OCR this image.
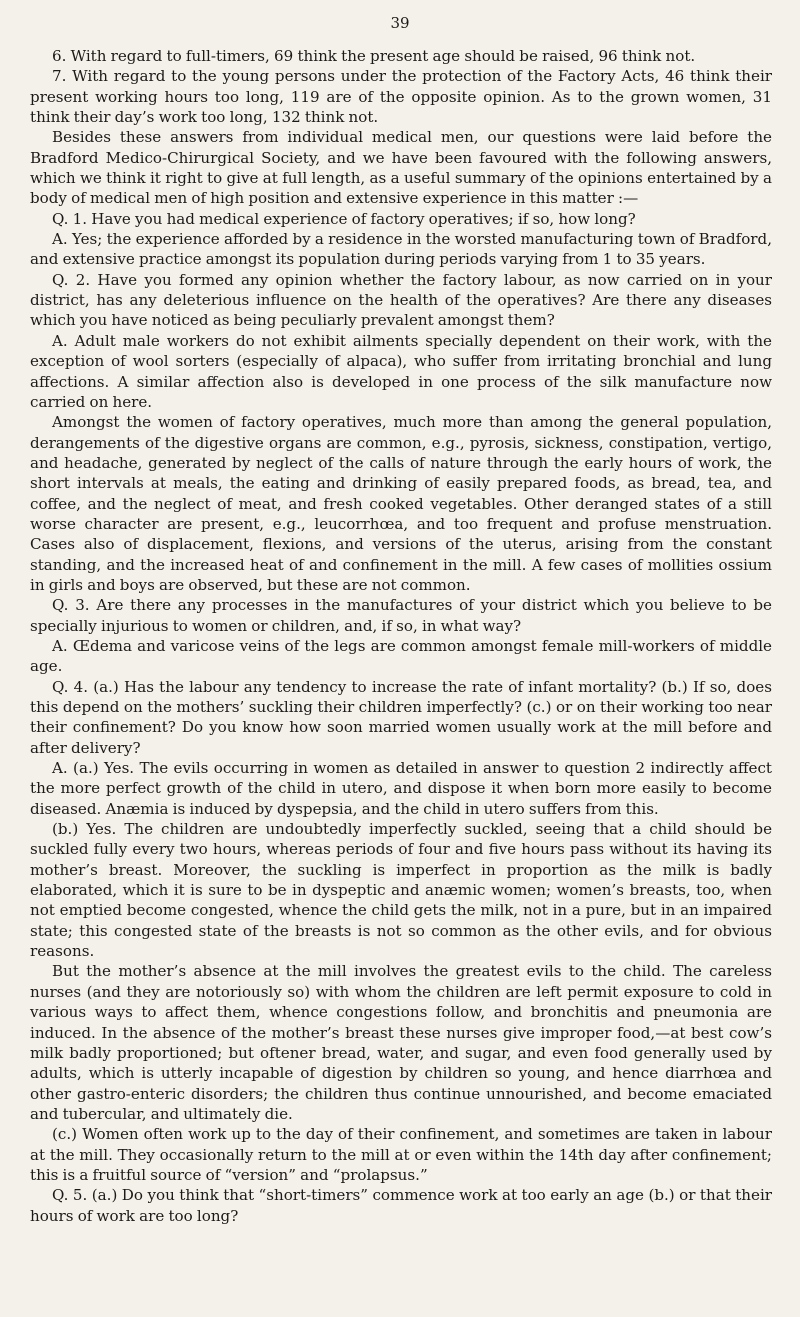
39

6. With regard to full-timers, 69 think the present age should be raised, 96 think not.

7. With regard to the young persons under the protection of the Factory Acts, 46 think their present working hours too long, 119 are of the opposite opinion. As to the grown women, 31 think their day’s work too long, 132 think not.

Besides these answers from individual medical men, our questions were laid before the Bradford Medico-Chirurgical Society, and we have been favoured with the following answers, which we think it right to give at full length, as a useful summary of the opinions entertained by a body of medical men of high position and extensive experience in this matter :—

Q. 1. Have you had medical experience of factory operatives; if so, how long?

A. Yes; the experience afforded by a residence in the worsted manufacturing town of Bradford, and extensive practice amongst its population during periods varying from 1 to 35 years.

Q. 2. Have you formed any opinion whether the factory labour, as now carried on in your district, has any deleterious influence on the health of the operatives? Are there any diseases which you have noticed as being peculiarly prevalent amongst them?

A. Adult male workers do not exhibit ailments specially dependent on their work, with the exception of wool sorters (especially of alpaca), who suffer from irritating bronchial and lung affections. A similar affection also is developed in one process of the silk manufacture now carried on here.

Amongst the women of factory operatives, much more than among the general population, derangements of the digestive organs are common, e.g., pyrosis, sickness, constipation, vertigo, and headache, generated by neglect of the calls of nature through the early hours of work, the short intervals at meals, the eating and drinking of easily prepared foods, as bread, tea, and coffee, and the neglect of meat, and fresh cooked vegetables. Other deranged states of a still worse character are present, e.g., leucorrhœa, and too frequent and profuse menstruation. Cases also of displacement, flexions, and versions of the uterus, arising from the constant standing, and the increased heat of and confinement in the mill. A few cases of mollities ossium in girls and boys are observed, but these are not common.

Q. 3. Are there any processes in the manufactures of your district which you believe to be specially injurious to women or children, and, if so, in what way?

A. Œdema and varicose veins of the legs are common amongst female mill-workers of middle age.

Q. 4. (a.) Has the labour any tendency to increase the rate of infant mortality? (b.) If so, does this depend on the mothers’ suckling their children imperfectly? (c.) or on their working too near their confinement? Do you know how soon married women usually work at the mill before and after delivery?

A. (a.) Yes. The evils occurring in women as detailed in answer to question 2 indirectly affect the more perfect growth of the child in utero, and dispose it when born more easily to become diseased. Anæmia is induced by dyspepsia, and the child in utero suffers from this.

(b.) Yes. The children are undoubtedly imperfectly suckled, seeing that a child should be suckled fully every two hours, whereas periods of four and five hours pass without its having its mother’s breast. Moreover, the suckling is imperfect in proportion as the milk is badly elaborated, which it is sure to be in dyspeptic and anæmic women; women’s breasts, too, when not emptied become congested, whence the child gets the milk, not in a pure, but in an impaired state; this congested state of the breasts is not so common as the other evils, and for obvious reasons.

But the mother’s absence at the mill involves the greatest evils to the child. The careless nurses (and they are notoriously so) with whom the children are left permit exposure to cold in various ways to affect them, whence congestions follow, and bronchitis and pneumonia are induced. In the absence of the mother’s breast these nurses give improper food,—at best cow’s milk badly proportioned; but oftener bread, water, and sugar, and even food generally used by adults, which is utterly incapable of digestion by children so young, and hence diarrhœa and other gastro-enteric disorders; the children thus continue unnourished, and become emaciated and tubercular, and ultimately die.

(c.) Women often work up to the day of their confinement, and sometimes are taken in labour at the mill. They occasionally return to the mill at or even within the 14th day after confinement; this is a fruitful source of “version” and “prolapsus.”

Q. 5. (a.) Do you think that “short-timers” commence work at too early an age (b.) or that their hours of work are too long?
